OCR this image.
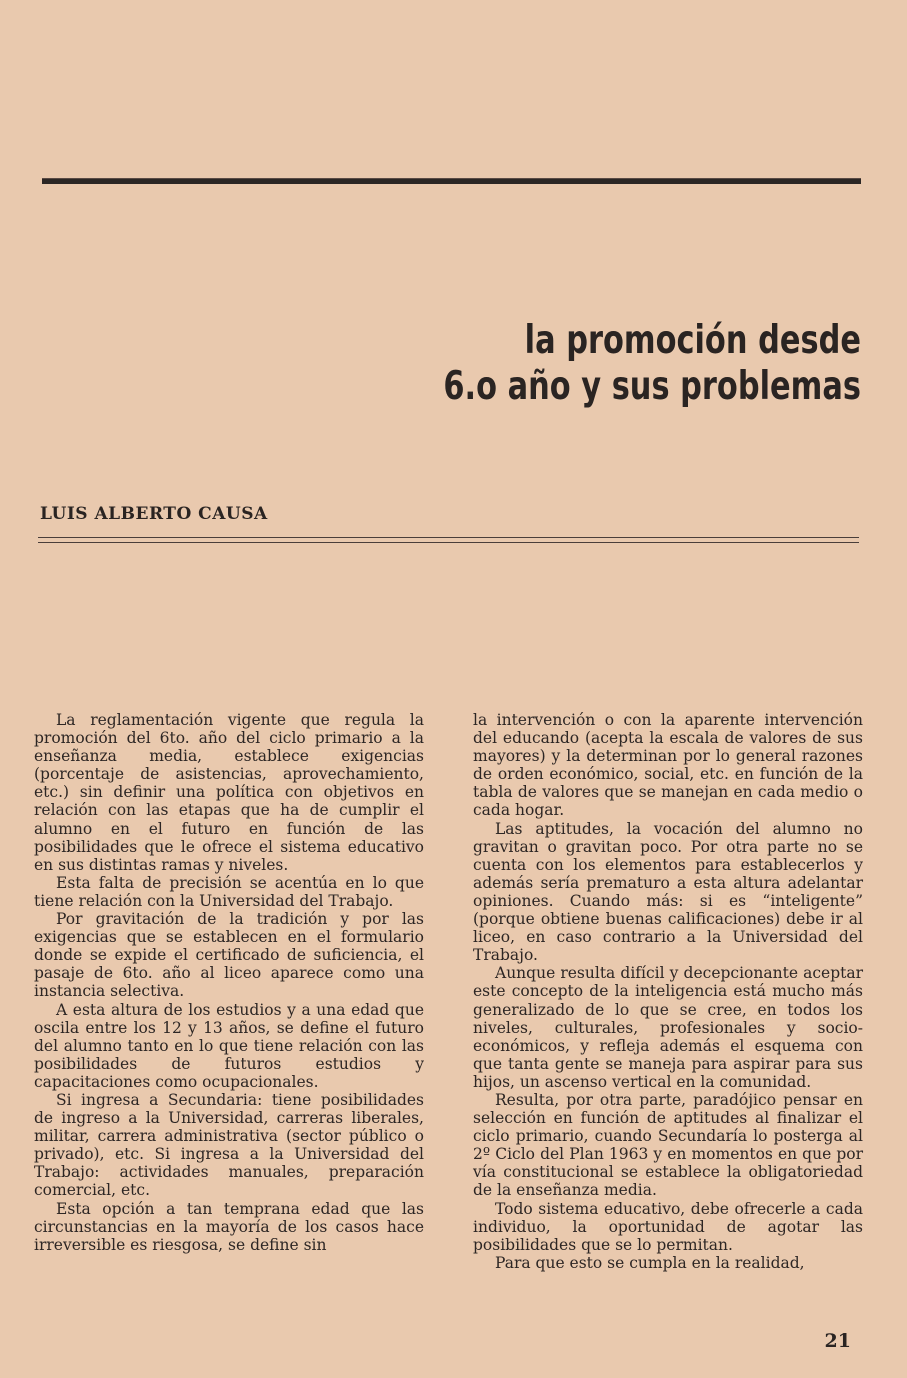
la promoción desde
6.o año y sus problemas
LUIS ALBERTO CAUSA

La reglamentación vigente que regula la promoción del 6to. año del ciclo primario a la enseñanza media, establece exigencias (porcentaje de asistencias, aprovechamiento, etc.) sin definir una política con objetivos en relación con las etapas que ha de cumplir el alumno en el futuro en función de las posibilidades que le ofrece el sistema educativo en sus distintas ramas y niveles.

Esta falta de precisión se acentúa en lo que tiene relación con la Universidad del Trabajo.

Por gravitación de la tradición y por las exigencias que se establecen en el formulario donde se expide el certificado de suficiencia, el pasaje de 6to. año al liceo aparece como una instancia selectiva.

A esta altura de los estudios y a una edad que oscila entre los 12 y 13 años, se define el futuro del alumno tanto en lo que tiene relación con las posibilidades de futuros estudios y capacitaciones como ocupacionales.

Si ingresa a Secundaria: tiene posibilidades de ingreso a la Universidad, carreras liberales, militar, carrera administrativa (sector público o privado), etc. Si ingresa a la Universidad del Trabajo: actividades manuales, preparación comercial, etc.

Esta opción a tan temprana edad que las circunstancias en la mayoría de los casos hace irreversible es riesgosa, se define sin

la intervención o con la aparente intervención del educando (acepta la escala de valores de sus mayores) y la determinan por lo general razones de orden económico, social, etc. en función de la tabla de valores que se manejan en cada medio o cada hogar.

Las aptitudes, la vocación del alumno no gravitan o gravitan poco. Por otra parte no se cuenta con los elementos para establecerlos y además sería prematuro a esta altura adelantar opiniones. Cuando más: si es “inteligente” (porque obtiene buenas calificaciones) debe ir al liceo, en caso contrario a la Universidad del Trabajo.

Aunque resulta difícil y decepcionante aceptar este concepto de la inteligencia está mucho más generalizado de lo que se cree, en todos los niveles, culturales, profesionales y socio-económicos, y refleja además el esquema con que tanta gente se maneja para aspirar para sus hijos, un ascenso vertical en la comunidad.

Resulta, por otra parte, paradójico pensar en selección en función de aptitudes al finalizar el ciclo primario, cuando Secundaría lo posterga al 2º Ciclo del Plan 1963 y en momentos en que por vía constitucional se establece la obligatoriedad de la enseñanza media.

Todo sistema educativo, debe ofrecerle a cada individuo, la oportunidad de agotar las posibilidades que se lo permitan.

Para que esto se cumpla en la realidad,

21
